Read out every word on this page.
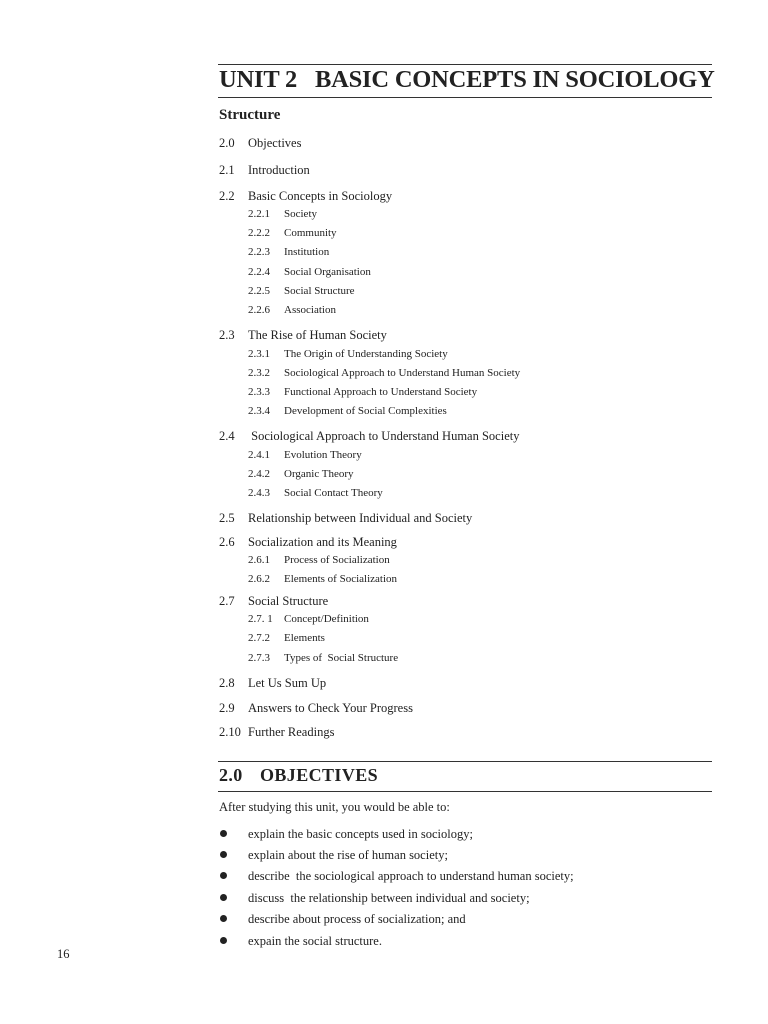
UNIT 2 BASIC CONCEPTS IN SOCIOLOGY
Structure
2.0 Objectives
2.1 Introduction
2.2 Basic Concepts in Sociology
2.2.1 Society
2.2.2 Community
2.2.3 Institution
2.2.4 Social Organisation
2.2.5 Social Structure
2.2.6 Association
2.3 The Rise of Human Society
2.3.1 The Origin of Understanding Society
2.3.2 Sociological Approach to Understand Human Society
2.3.3 Functional Approach to Understand Society
2.3.4 Development of Social Complexities
2.4 Sociological Approach to Understand Human Society
2.4.1 Evolution Theory
2.4.2 Organic Theory
2.4.3 Social Contact Theory
2.5 Relationship between Individual and Society
2.6 Socialization and its Meaning
2.6.1 Process of Socialization
2.6.2 Elements of Socialization
2.7 Social Structure
2.7. 1 Concept/Definition
2.7.2 Elements
2.7.3 Types of  Social Structure
2.8 Let Us Sum Up
2.9 Answers to Check Your Progress
2.10 Further Readings
2.0 OBJECTIVES
After studying this unit, you would be able to:
explain the basic concepts used in sociology;
explain about the rise of human society;
describe  the sociological approach to understand human society;
discuss  the relationship between individual and society;
describe about process of socialization; and
expain the social structure.
16
